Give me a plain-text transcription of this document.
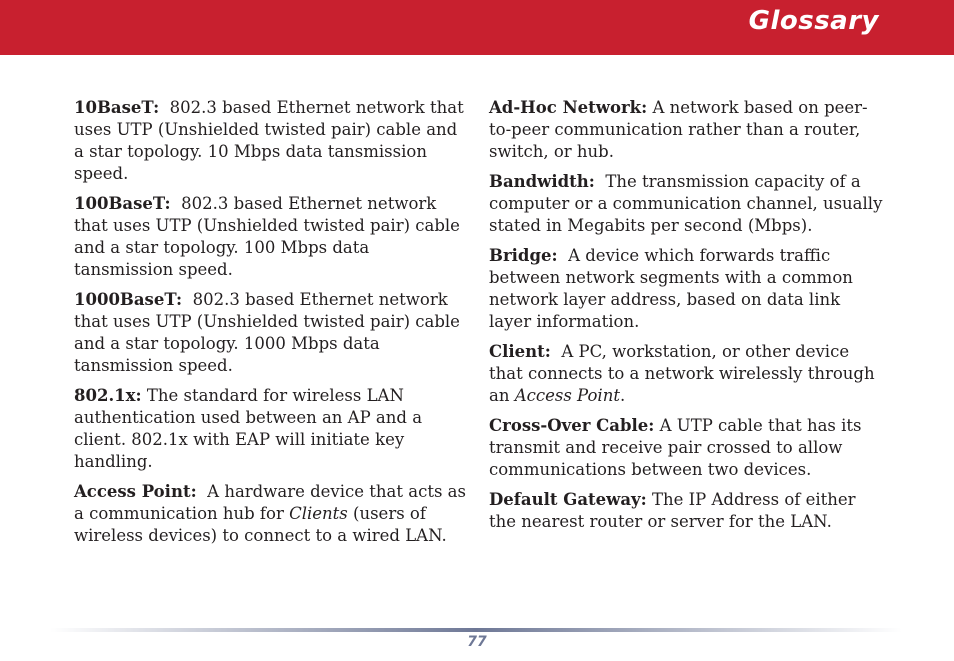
Glossary

10BaseT: 802.3 based Ethernet network that uses UTP (Unshielded twisted pair) cable and a star topology. 10 Mbps data tansmission speed.

100BaseT: 802.3 based Ethernet network that uses UTP (Unshielded twisted pair) cable and a star topology. 100 Mbps data tansmission speed.

1000BaseT: 802.3 based Ethernet network that uses UTP (Unshielded twisted pair) cable and a star topology. 1000 Mbps data tansmission speed.

802.1x: The standard for wireless LAN authentication used between an AP and a client. 802.1x with EAP will initiate key handling.

Access Point: A hardware device that acts as a communication hub for Clients (users of wireless devices) to connect to a wired LAN.

Ad-Hoc Network: A network based on peer-to-peer communication rather than a router, switch, or hub.

Bandwidth: The transmission capacity of a computer or a communication channel, usually stated in Megabits per second (Mbps).

Bridge: A device which forwards traffic between network segments with a common network layer address, based on data link layer information.

Client: A PC, workstation, or other device that connects to a network wirelessly through an Access Point.

Cross-Over Cable: A UTP cable that has its transmit and receive pair crossed to allow communications between two devices.

Default Gateway: The IP Address of either the nearest router or server for the LAN.

77
